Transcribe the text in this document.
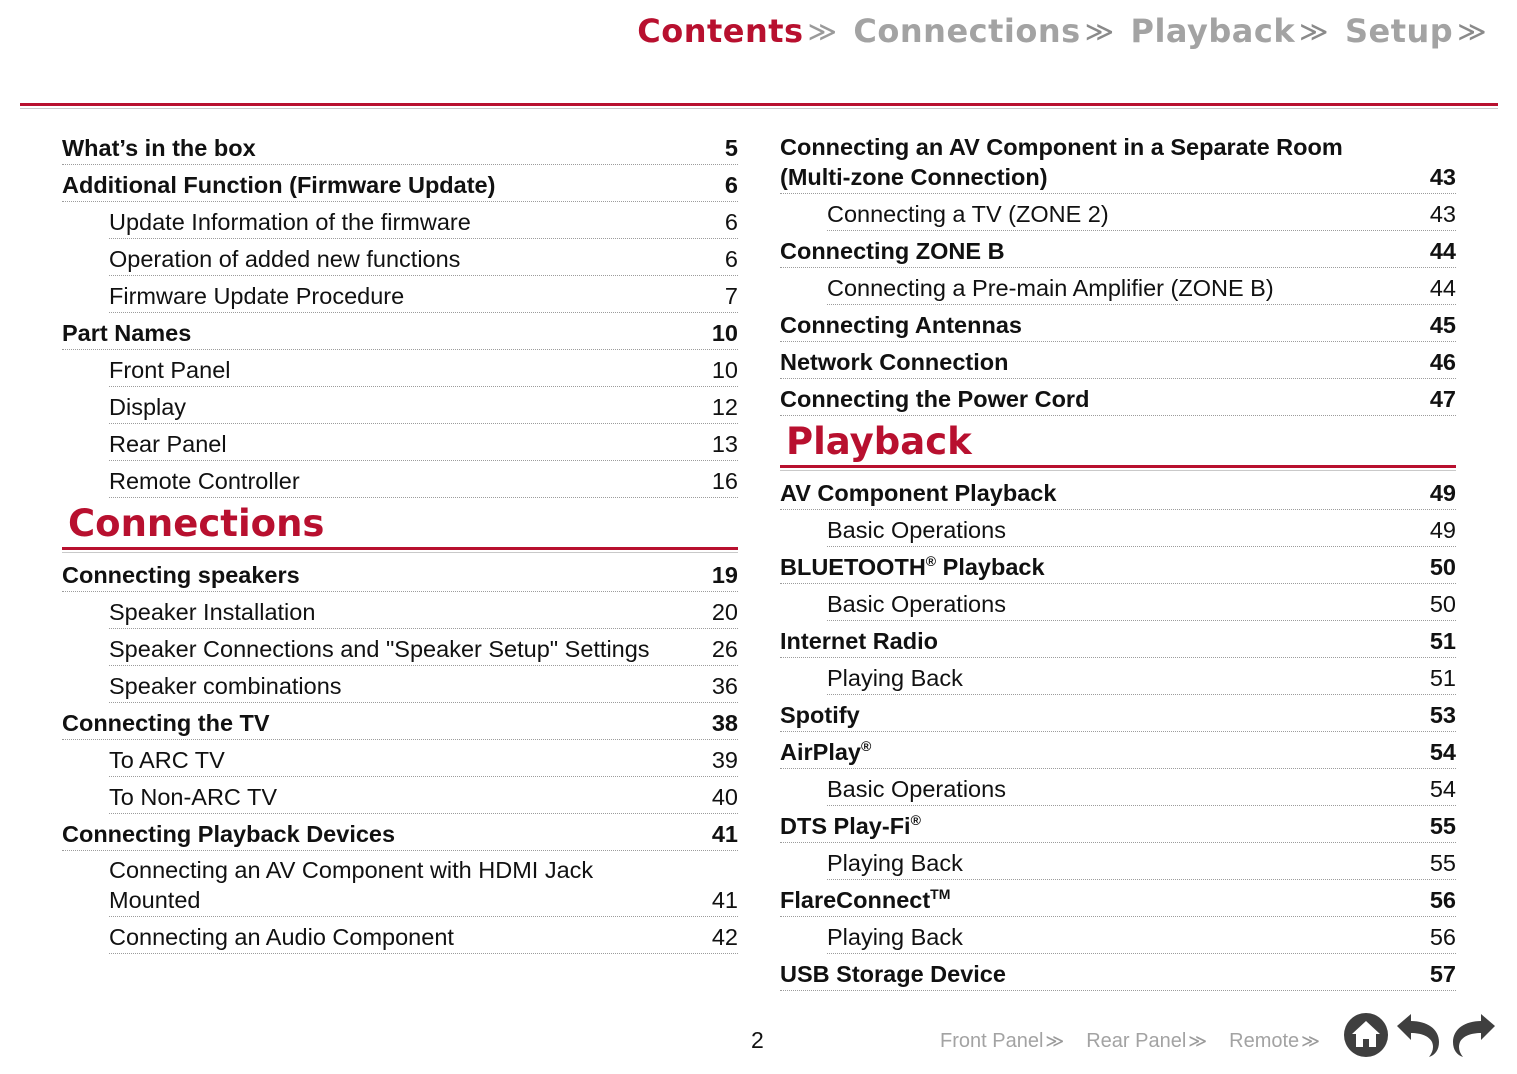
Contents ≫ Connections ≫ Playback ≫ Setup ≫
What’s in the box	5
Additional Function (Firmware Update)	6
Update Information of the firmware	6
Operation of added new functions	6
Firmware Update Procedure	7
Part Names	10
Front Panel	10
Display	12
Rear Panel	13
Remote Controller	16
Connections
Connecting speakers	19
Speaker Installation	20
Speaker Connections and "Speaker Setup" Settings	26
Speaker combinations	36
Connecting the TV	38
To ARC TV	39
To Non-ARC TV	40
Connecting Playback Devices	41
Connecting an AV Component with HDMI Jack
Mounted	41
Connecting an Audio Component	42
Connecting an AV Component in a Separate Room
(Multi-zone Connection)	43
Connecting a TV (ZONE 2)	43
Connecting ZONE B	44
Connecting a Pre-main Amplifier (ZONE B)	44
Connecting Antennas	45
Network Connection	46
Connecting the Power Cord	47
Playback
AV Component Playback	49
Basic Operations	49
BLUETOOTH® Playback	50
Basic Operations	50
Internet Radio	51
Playing Back	51
Spotify	53
AirPlay®	54
Basic Operations	54
DTS Play-Fi®	55
Playing Back	55
FlareConnect™	56
Playing Back	56
USB Storage Device	57
2	Front Panel ≫ Rear Panel ≫ Remote ≫
